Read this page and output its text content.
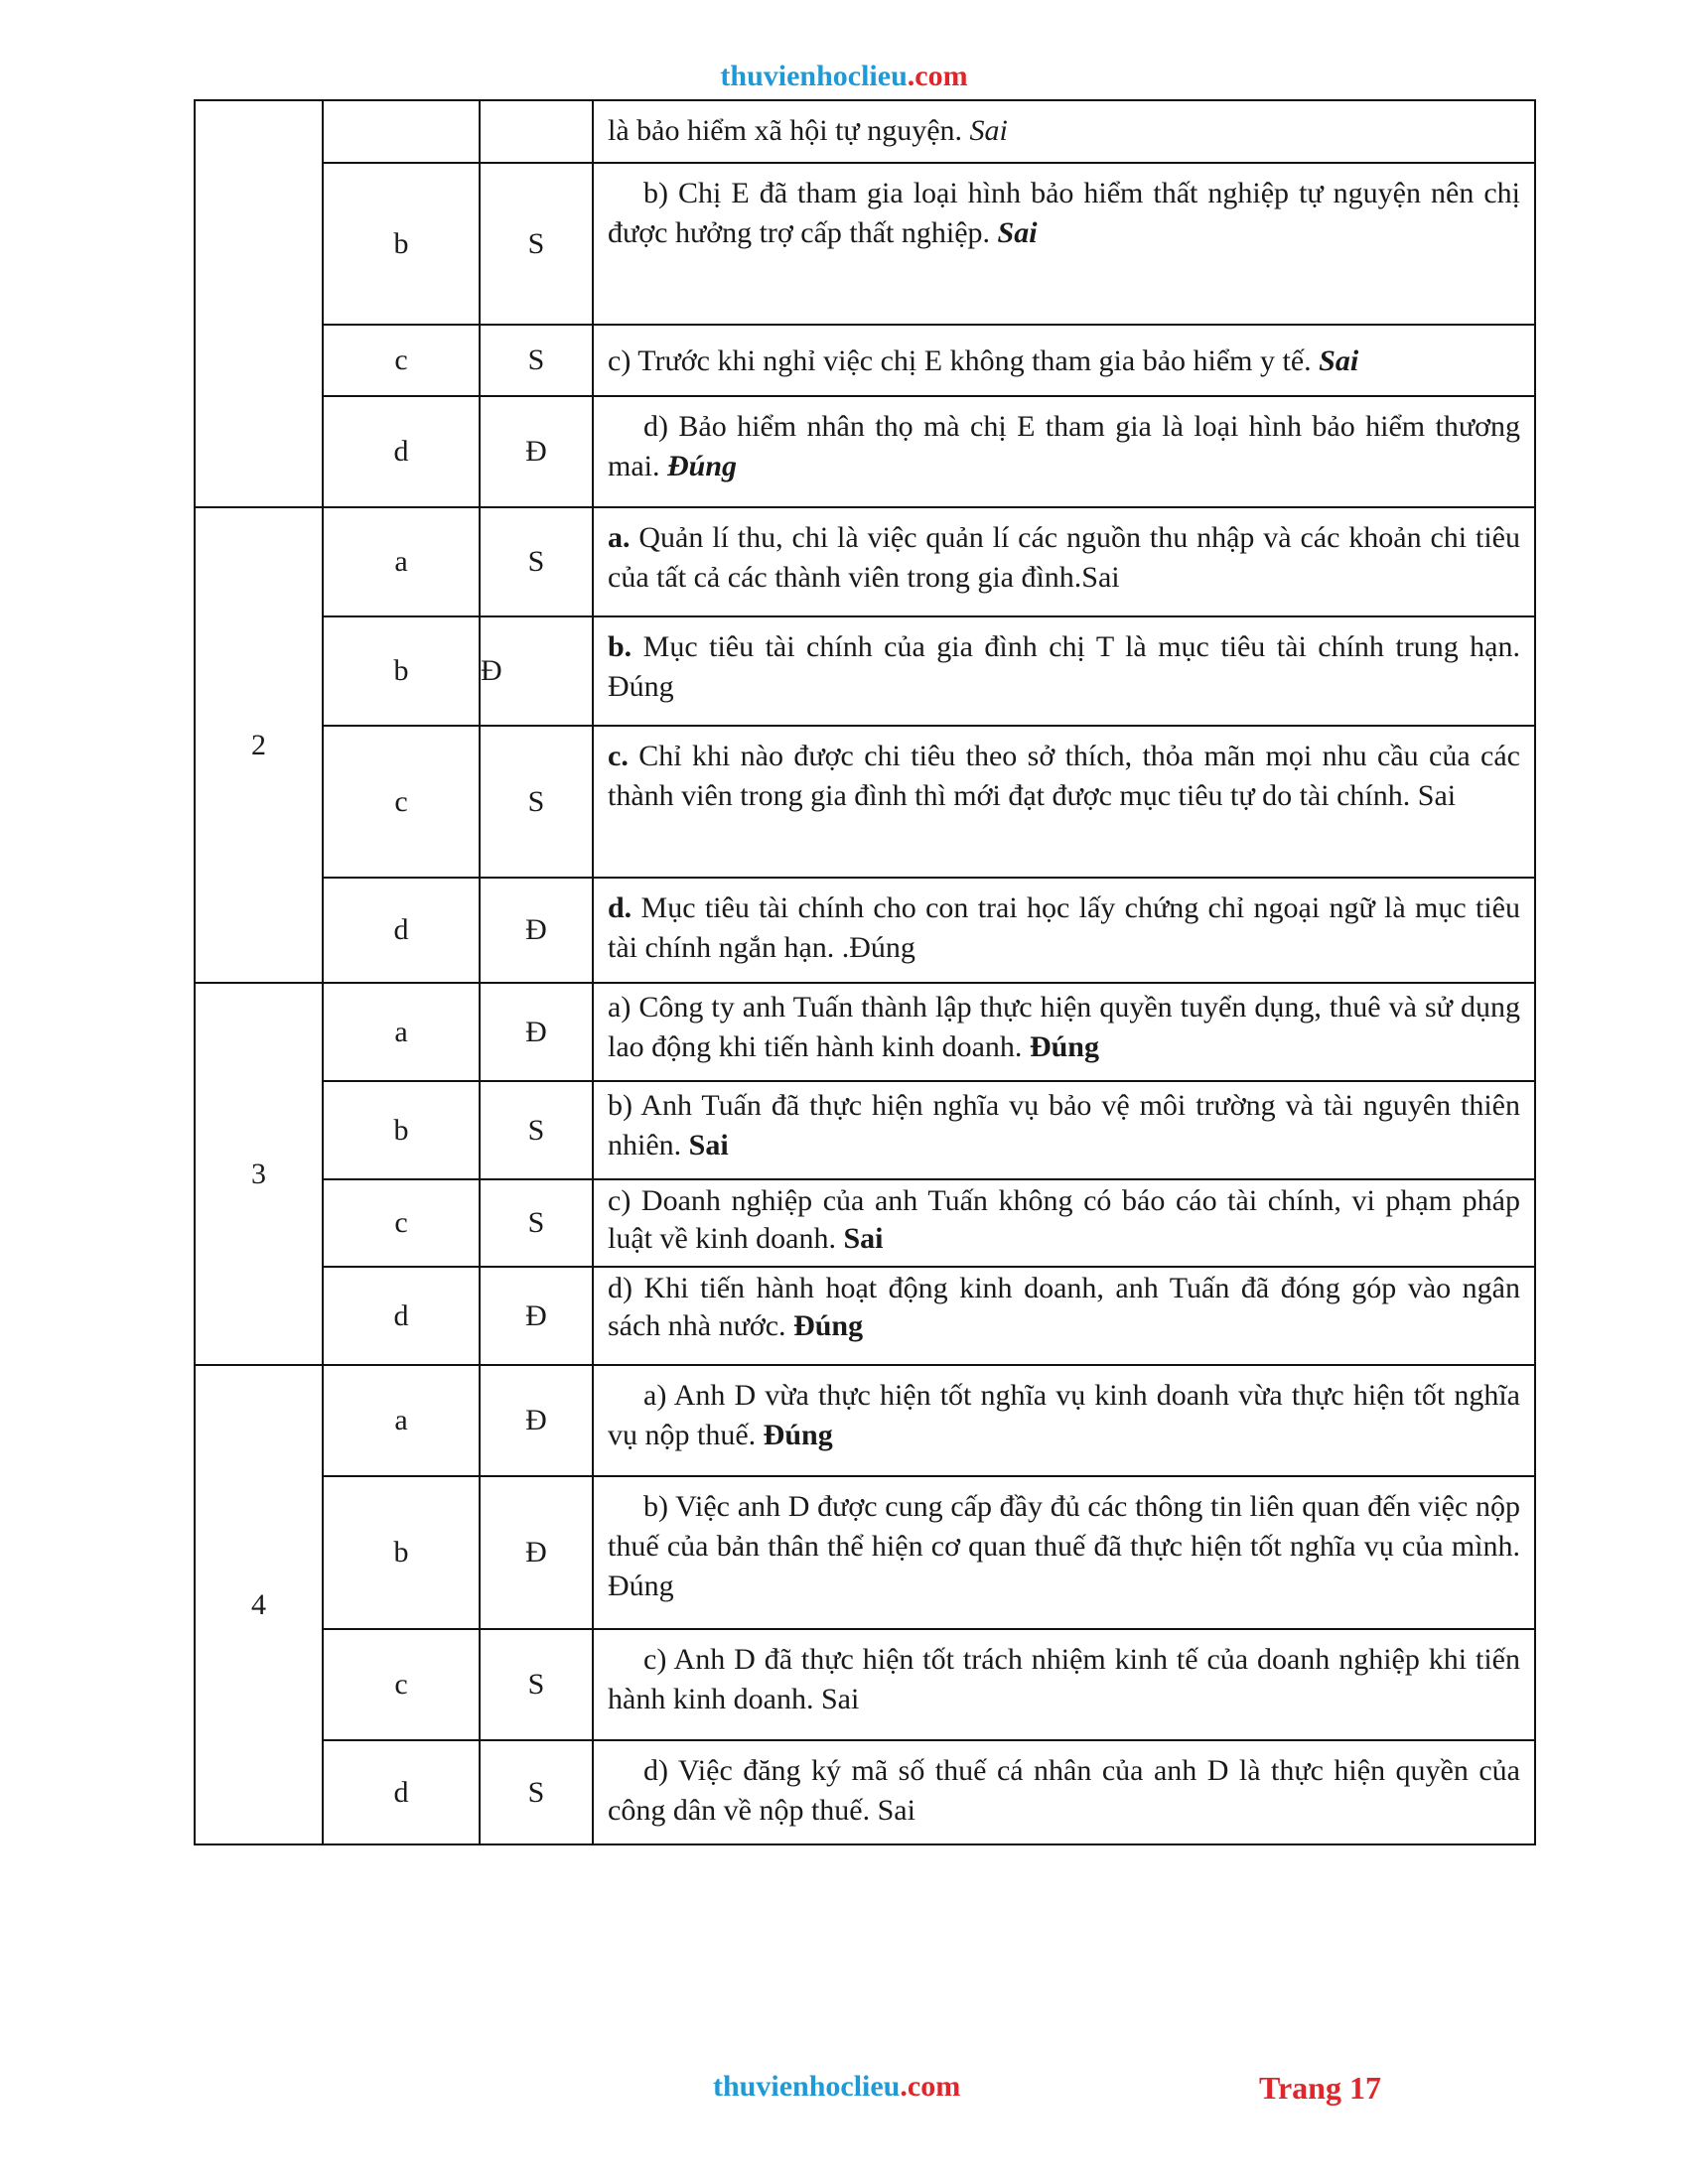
thuvienhoclieu.com
			là bảo hiểm xã hội tự nguyện. Sai
	b	S	b) Chị E đã tham gia loại hình bảo hiểm thất nghiệp tự nguyện nên chị được hưởng trợ cấp thất nghiệp. Sai
	c	S	c) Trước khi nghỉ việc chị E không tham gia bảo hiểm y tế. Sai
	d	Đ	d) Bảo hiểm nhân thọ mà chị E tham gia là loại hình bảo hiểm thương mai. Đúng
2	a	S	a. Quản lí thu, chi là việc quản lí các nguồn thu nhập và các khoản chi tiêu của tất cả các thành viên trong gia đình.Sai
	b	Đ	b. Mục tiêu tài chính của gia đình chị T là mục tiêu tài chính trung hạn. Đúng
	c	S	c. Chỉ khi nào được chi tiêu theo sở thích, thỏa mãn mọi nhu cầu của các thành viên trong gia đình thì mới đạt được mục tiêu tự do tài chính. Sai
	d	Đ	d. Mục tiêu tài chính cho con trai học lấy chứng chỉ ngoại ngữ là mục tiêu tài chính ngắn hạn. .Đúng
3	a	Đ	a) Công ty anh Tuấn thành lập thực hiện quyền tuyển dụng, thuê và sử dụng lao động khi tiến hành kinh doanh. Đúng
	b	S	b) Anh Tuấn đã thực hiện nghĩa vụ bảo vệ môi trường và tài nguyên thiên nhiên. Sai
	c	S	c) Doanh nghiệp của anh Tuấn không có báo cáo tài chính, vi phạm pháp luật về kinh doanh. Sai
	d	Đ	d) Khi tiến hành hoạt động kinh doanh, anh Tuấn đã đóng góp vào ngân sách nhà nước. Đúng
4	a	Đ	a) Anh D vừa thực hiện tốt nghĩa vụ kinh doanh vừa thực hiện tốt nghĩa vụ nộp thuế. Đúng
	b	Đ	b) Việc anh D được cung cấp đầy đủ các thông tin liên quan đến việc nộp thuế của bản thân thể hiện cơ quan thuế đã thực hiện tốt nghĩa vụ của mình. Đúng
	c	S	c) Anh D đã thực hiện tốt trách nhiệm kinh tế của doanh nghiệp khi tiến hành kinh doanh. Sai
	d	S	d) Việc đăng ký mã số thuế cá nhân của anh D là thực hiện quyền của công dân về nộp thuế. Sai
thuvienhoclieu.com	Trang 17
